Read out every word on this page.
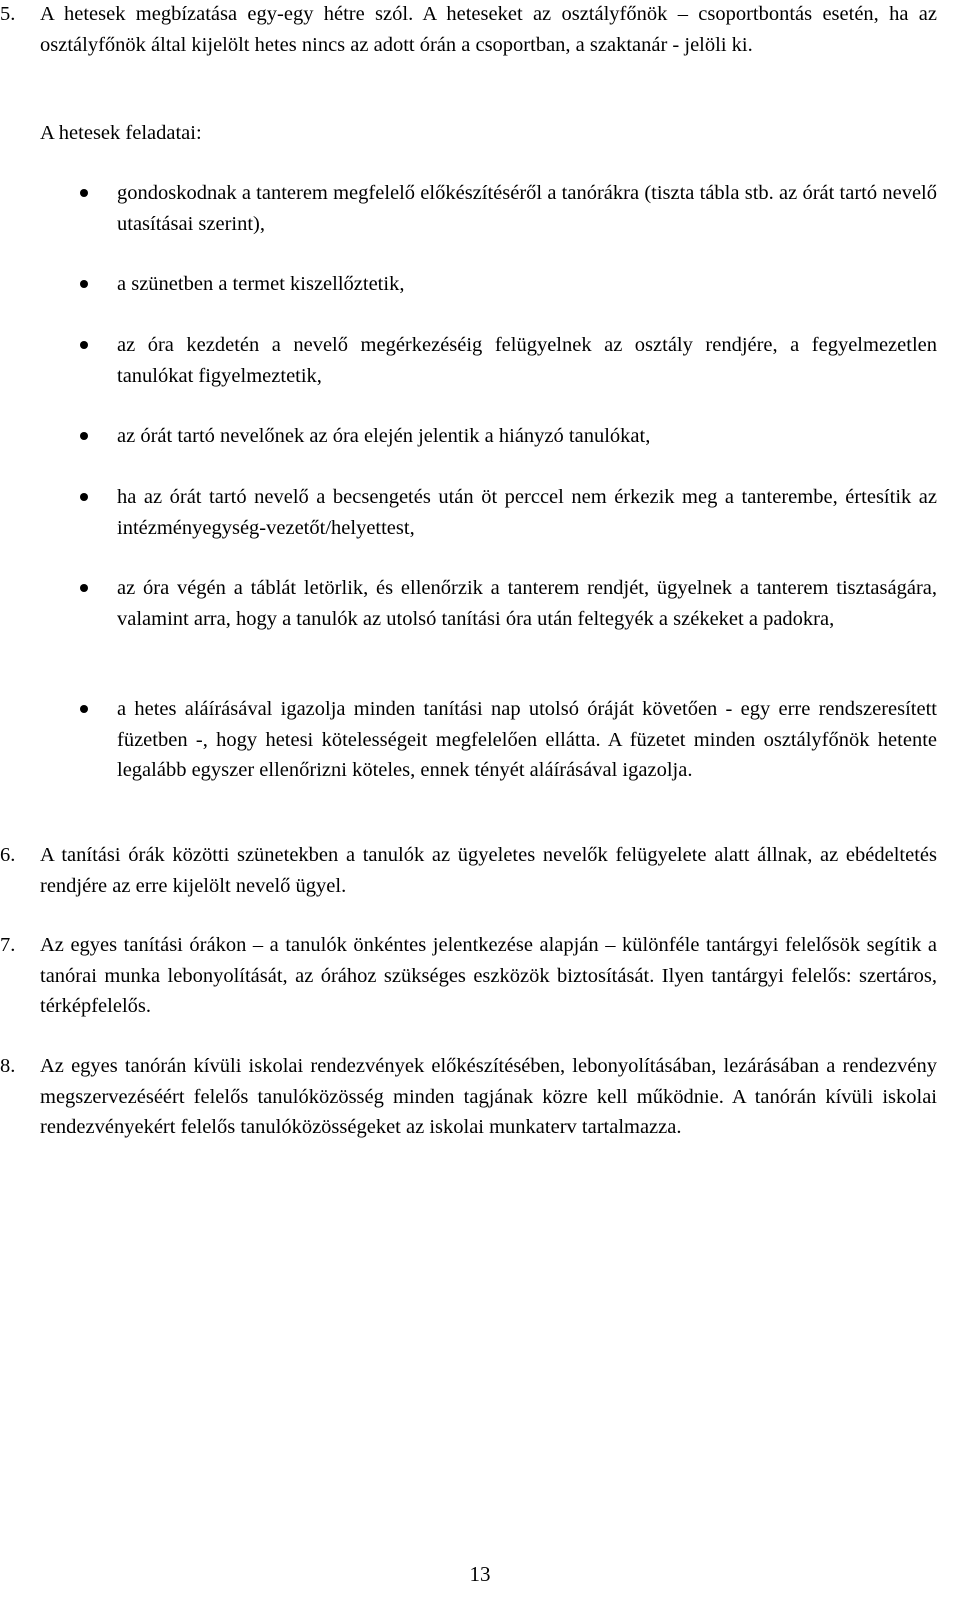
5.	A hetesek megbízatása egy-egy hétre szól. A heteseket az osztályfőnök – csoportbontás esetén, ha az osztályfőnök által kijelölt hetes nincs az adott órán a csoportban, a szaktanár - jelöli ki.

A hetesek feladatai:

gondoskodnak a tanterem megfelelő előkészítéséről a tanórákra (tiszta tábla stb. az órát tartó nevelő utasításai szerint),

a szünetben a termet kiszellőztetik,

az óra kezdetén a nevelő megérkezéséig felügyelnek az osztály rendjére, a fegyelmezetlen tanulókat figyelmeztetik,

az órát tartó nevelőnek az óra elején jelentik a hiányzó tanulókat,

ha az órát tartó nevelő a becsengetés után öt perccel nem érkezik meg a tanterembe, értesítik az intézményegység-vezetőt/helyettest,

az óra végén a táblát letörlik, és ellenőrzik a tanterem rendjét, ügyelnek a tanterem tisztaságára, valamint arra, hogy a tanulók az utolsó tanítási óra után feltegyék a székeket a padokra,

a hetes aláírásával igazolja minden tanítási nap utolsó óráját követően - egy erre rendszeresített füzetben -, hogy hetesi kötelességeit megfelelően ellátta. A füzetet minden osztályfőnök hetente legalább egyszer ellenőrizni köteles, ennek tényét aláírásával igazolja.

6.	A tanítási órák közötti szünetekben a tanulók az ügyeletes nevelők felügyelete alatt állnak, az ebédeltetés rendjére az erre kijelölt nevelő ügyel.

7.	Az egyes tanítási órákon – a tanulók önkéntes jelentkezése alapján – különféle tantárgyi felelősök segítik a tanórai munka lebonyolítását, az órához szükséges eszközök biztosítását. Ilyen tantárgyi felelős: szertáros, térképfelelős.

8.	Az egyes tanórán kívüli iskolai rendezvények előkészítésében, lebonyolításában, lezárásában a rendezvény megszervezéséért felelős tanulóközösség minden tagjának közre kell működnie. A tanórán kívüli iskolai rendezvényekért felelős tanulóközösségeket az iskolai munkaterv tartalmazza.

13
